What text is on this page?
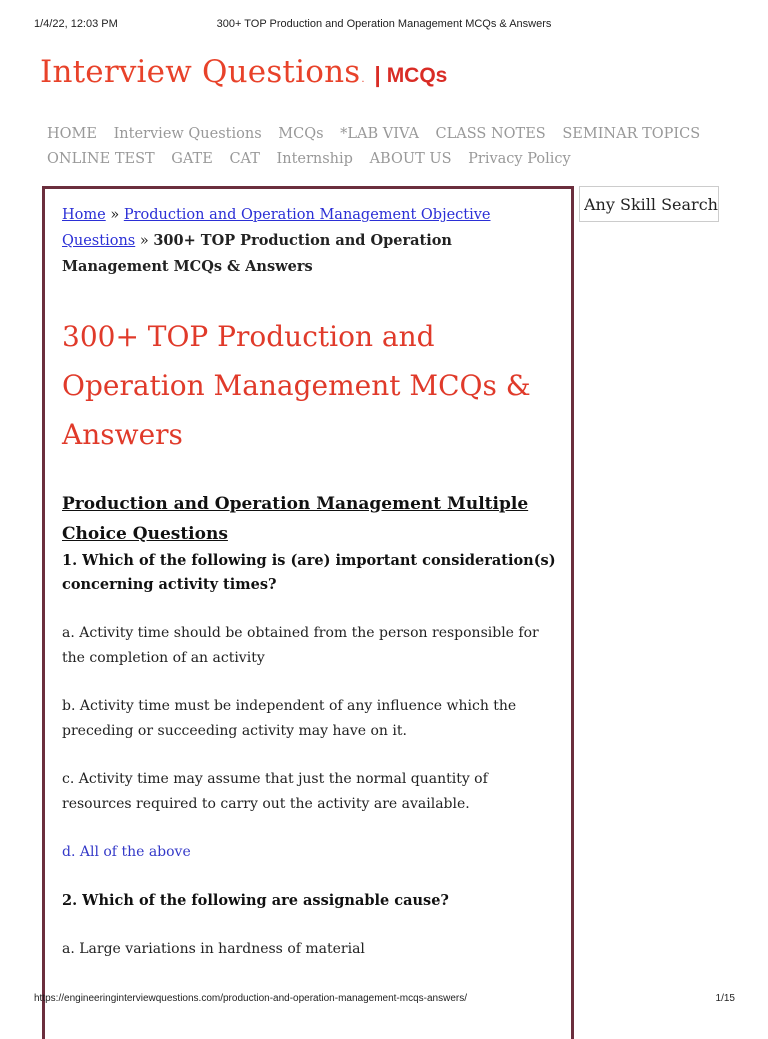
1/4/22, 12:03 PM	300+ TOP Production and Operation Management MCQs & Answers
Interview Questions . | MCQs
HOME Interview Questions MCQs *LAB VIVA CLASS NOTES SEMINAR TOPICS ONLINE TEST GATE CAT Internship ABOUT US Privacy Policy
Home » Production and Operation Management Objective Questions » 300+ TOP Production and Operation Management MCQs & Answers
300+ TOP Production and Operation Management MCQs & Answers
Production and Operation Management Multiple Choice Questions

1. Which of the following is (are) important consideration(s) concerning activity times?

a. Activity time should be obtained from the person responsible for the completion of an activity

b. Activity time must be independent of any influence which the preceding or succeeding activity may have on it.

c. Activity time may assume that just the normal quantity of resources required to carry out the activity are available.

d. All of the above

2. Which of the following are assignable cause?

a. Large variations in hardness of material

Any Skill Search Here
https://engineeringinterviewquestions.com/production-and-operation-management-mcqs-answers/	1/15
